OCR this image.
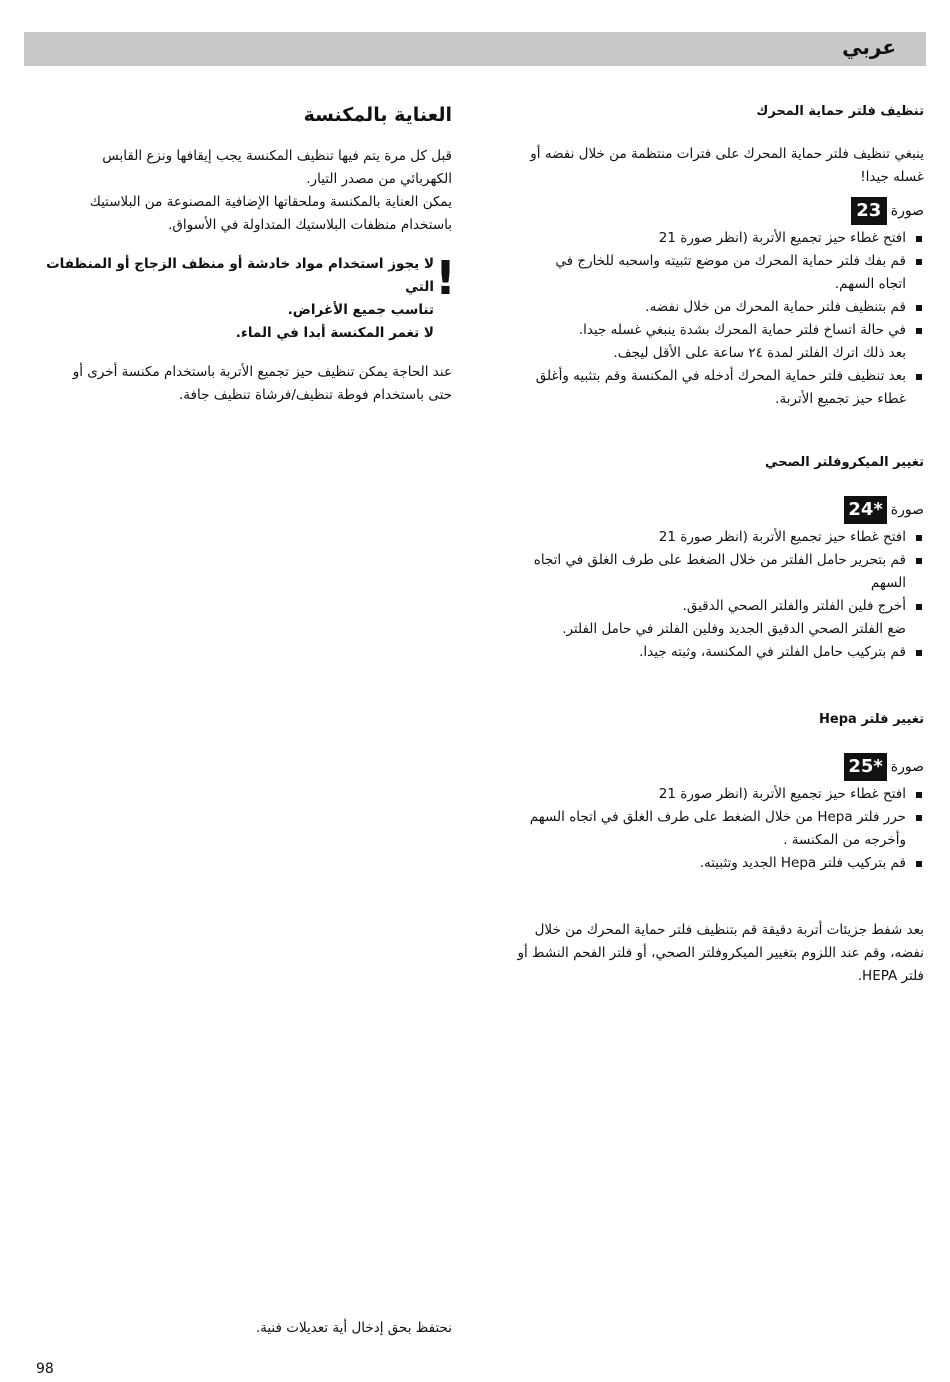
عربي
تنظيف فلتر حماية المحرك

ينبغي تنظيف فلتر حماية المحرك على فترات منتظمة من خلال نفضه أو

غسله جيدا!

صورة
23
افتح غطاء حيز تجميع الأتربة (انظر صورة 21
قم بفك فلتر حماية المحرك من موضع تثبيته واسحبه للخارج في
اتجاه السهم.
قم بتنظيف فلتر حماية المحرك من خلال نفضه.
في حالة اتساخ فلتر حماية المحرك بشدة ينبغي غسله جيدا.
بعد ذلك اترك الفلتر لمدة ٢٤ ساعة على الأقل ليجف.
بعد تنظيف فلتر حماية المحرك أدخله في المكنسة وقم بتثبيه وأغلق
غطاء حيز تجميع الأتربة.
تغيير الميكروفلتر الصحي
صورة
24*
افتح غطاء حيز تجميع الأتربة (انظر صورة 21
قم بتحرير حامل الفلتر من خلال الضغط على طرف الغلق في اتجاه
السهم
أخرج فلين الفلتر والفلتر الصحي الدقيق.
ضع الفلتر الصحي الدقيق الجديد وفلين الفلتر في حامل الفلتر.
قم بتركيب حامل الفلتر في المكنسة، وثبته جيدا.
تغيير فلتر Hepa
صورة
25*
افتح غطاء حيز تجميع الأتربة (انظر صورة 21
حرر فلتر Hepa من خلال الضغط على طرف الغلق في اتجاه السهم
وأخرجه من المكنسة .
قم بتركيب فلتر Hepa الجديد وتثبيته.

بعد شفط جزيئات أتربة دقيقة قم بتنظيف فلتر حماية المحرك من خلال

نفضه، وقم عند اللزوم بتغيير الميكروفلتر الصحي، أو فلتر الفحم النشط أو

فلتر HEPA.

العناية بالمكنسة

قبل كل مرة يتم فيها تنظيف المكنسة يجب إيقافها ونزع القابس

الكهربائي من مصدر التيار.

يمكن العناية بالمكنسة وملحقاتها الإضافية المصنوعة من البلاستيك

باستخدام منظفات البلاستيك المتداولة في الأسواق.

!

لا يجوز استخدام مواد خادشة أو منظف الزجاج أو المنظفات التي

تناسب جميع الأغراض.

لا تغمر المكنسة أبدا في الماء.

عند الحاجة يمكن تنظيف حيز تجميع الأتربة باستخدام مكنسة أخرى أو

حتى باستخدام فوطة تنظيف/فرشاة تنظيف جافة.

نحتفظ بحق إدخال أية تعديلات فنية.
98
